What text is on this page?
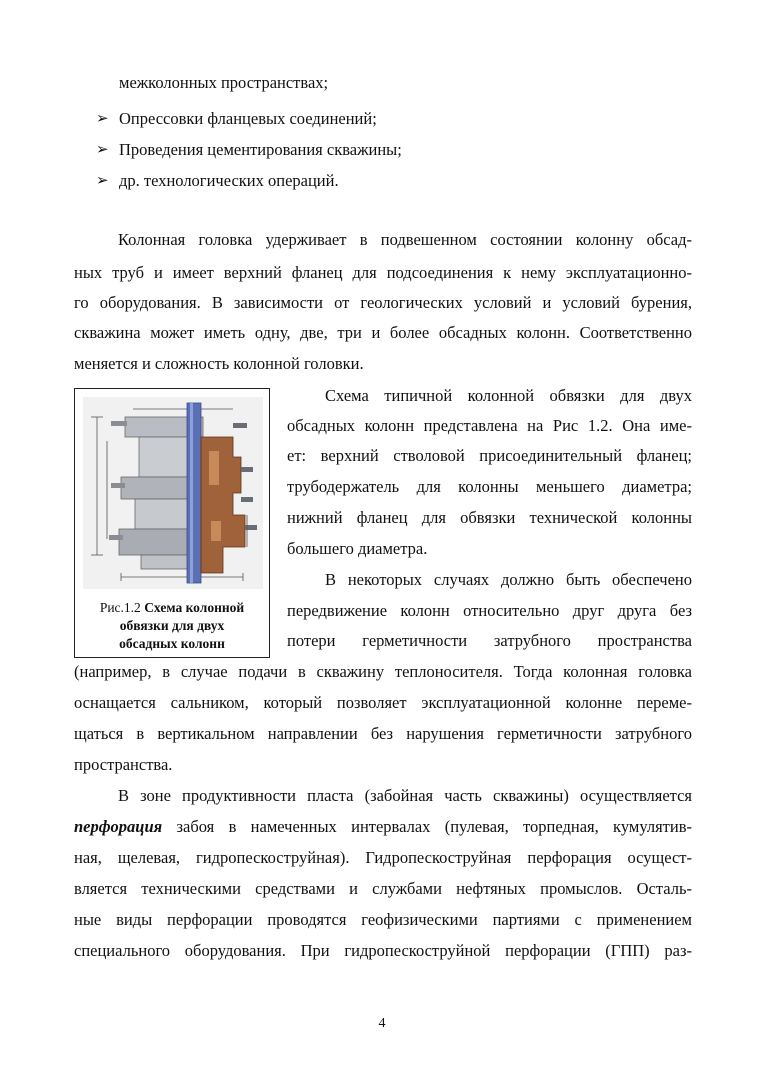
межколонных пространствах;
➢ Опрессовки фланцевых соединений;
➢ Проведения цементирования скважины;
➢ др. технологических операций.
Колонная головка удерживает в подвешенном состоянии колонну обсад-
ных труб и имеет верхний фланец для подсоединения к нему эксплуатационно-
го оборудования. В зависимости от геологических условий и условий бурения,
скважина может иметь одну, две, три и более обсадных колонн. Соответственно
меняется и сложность колонной головки.
Рис.1.2 Схема колонной
обвязки для двух
обсадных колонн
Схема типичной колонной обвязки для двух
обсадных колонн представлена на Рис 1.2. Она име-
ет: верхний стволовой присоединительный фланец;
трубодержатель для колонны меньшего диаметра;
нижний фланец для обвязки технической колонны
большего диаметра.
В некоторых случаях должно быть обеспечено
передвижение колонн относительно друг друга без
потери герметичности затрубного пространства
(например, в случае подачи в скважину теплоносителя. Тогда колонная головка
оснащается сальником, который позволяет эксплуатационной колонне переме-
щаться в вертикальном направлении без нарушения герметичности затрубного
пространства.
В зоне продуктивности пласта (забойная часть скважины) осуществляется
перфорация забоя в намеченных интервалах (пулевая, торпедная, кумулятив-
ная, щелевая, гидропескоструйная). Гидропескоструйная перфорация осущест-
вляется техническими средствами и службами нефтяных промыслов. Осталь-
ные виды перфорации проводятся геофизическими партиями с применением
специального оборудования. При гидропескоструйной перфорации (ГПП) раз-
4
